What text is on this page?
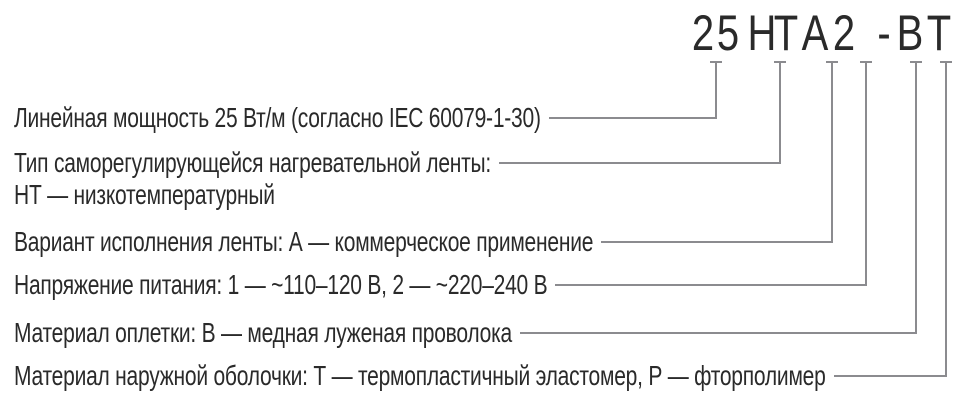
2 5 H
T A 2 - B T
Линейная мощность 25 Вт/м (согласно IEC 60079-1-30)
Тип саморегулирующейся нагревательной ленты:
НТ — низкотемпературный
Вариант исполнения ленты: А — коммерческое применение
Напряжение питания: 1 — ~110–120 В, 2 — ~220–240 В
Материал оплетки: В — медная луженая проволока
Материал наружной оболочки: Т — термопластичный эластомер, Р — фторполимер
